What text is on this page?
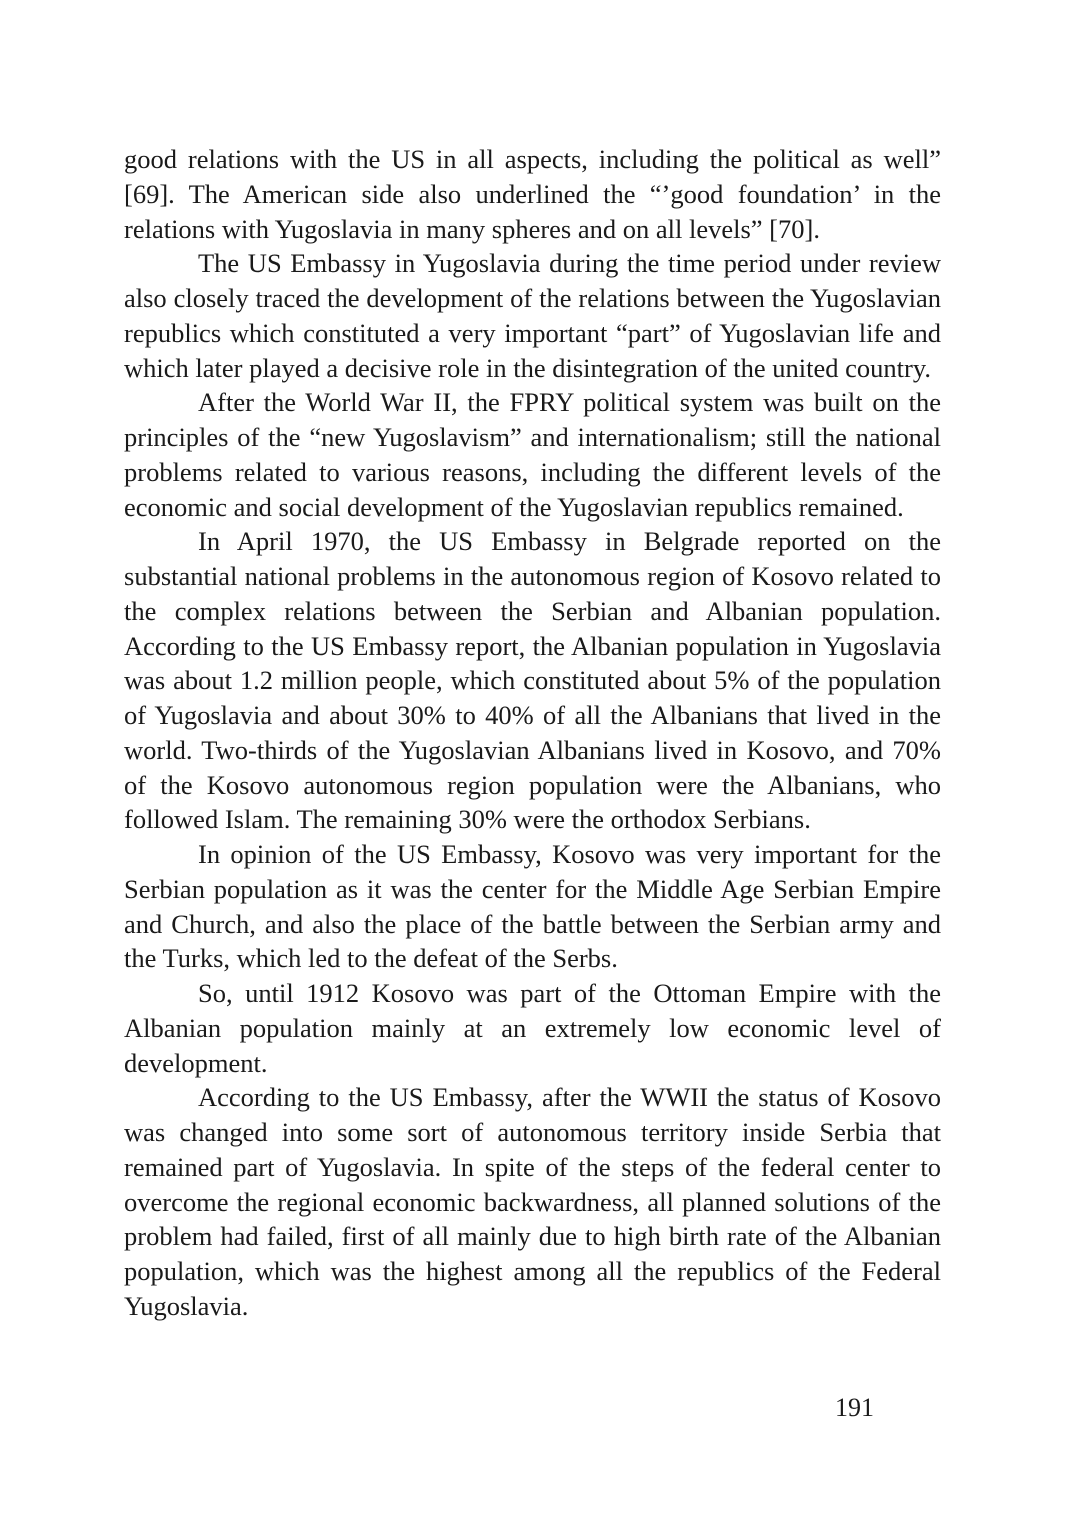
good relations with the US in all aspects, including the political as well” [69]. The American side also underlined the “’good foundation’ in the relations with Yugoslavia in many spheres and on all levels” [70].

The US Embassy in Yugoslavia during the time period under review also closely traced the development of the relations between the Yugoslavian republics which constituted a very important “part” of Yugoslavian life and which later played a decisive role in the disintegration of the united country.

After the World War II, the FPRY political system was built on the principles of the “new Yugoslavism” and internationalism; still the national problems related to various reasons, including the different levels of the economic and social development of the Yugoslavian republics remained.

In April 1970, the US Embassy in Belgrade reported on the substantial national problems in the autonomous region of Kosovo related to the complex relations between the Serbian and Albanian population. According to the US Embassy report, the Albanian population in Yugoslavia was about 1.2 million people, which constituted about 5% of the population of Yugoslavia and about 30% to 40% of all the Albanians that lived in the world. Two-thirds of the Yugoslavian Albanians lived in Kosovo, and 70% of the Kosovo autonomous region population were the Albanians, who followed Islam. The remaining 30% were the orthodox Serbians.

In opinion of the US Embassy, Kosovo was very important for the Serbian population as it was the center for the Middle Age Serbian Empire and Church, and also the place of the battle between the Serbian army and the Turks, which led to the defeat of the Serbs.

So, until 1912 Kosovo was part of the Ottoman Empire with the Albanian population mainly at an extremely low economic level of development.

According to the US Embassy, after the WWII the status of Kosovo was changed into some sort of autonomous territory inside Serbia that remained part of Yugoslavia. In spite of the steps of the federal center to overcome the regional economic backwardness, all planned solutions of the problem had failed, first of all mainly due to high birth rate of the Albanian population, which was the highest among all the republics of the Federal Yugoslavia.

191
